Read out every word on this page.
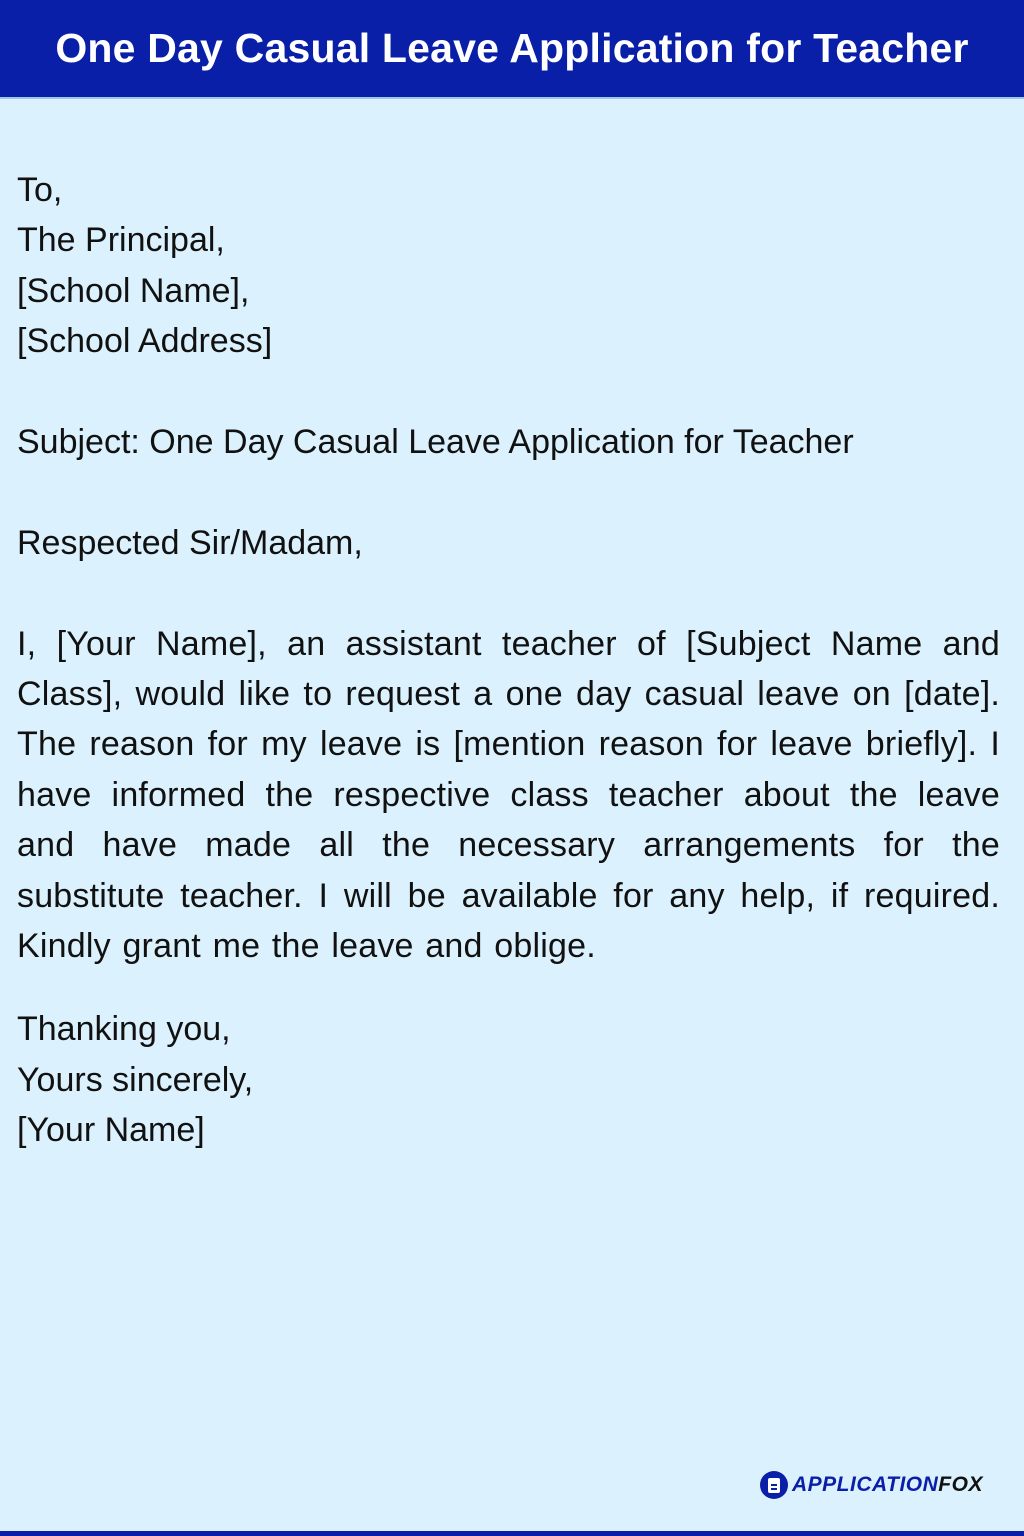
One Day Casual Leave Application for Teacher
To,
The Principal,
[School Name],
[School Address]
Subject: One Day Casual Leave Application for Teacher
Respected Sir/Madam,

I, [Your Name], an assistant teacher of [Subject Name and Class], would like to request a one day casual leave on [date]. The reason for my leave is [mention reason for leave briefly]. I have informed the respective class teacher about the leave and have made all the necessary arrangements for the substitute teacher. I will be available for any help, if required. Kindly grant me the leave and oblige.

Thanking you,
Yours sincerely,
[Your Name]
APPLICATIONFOX
